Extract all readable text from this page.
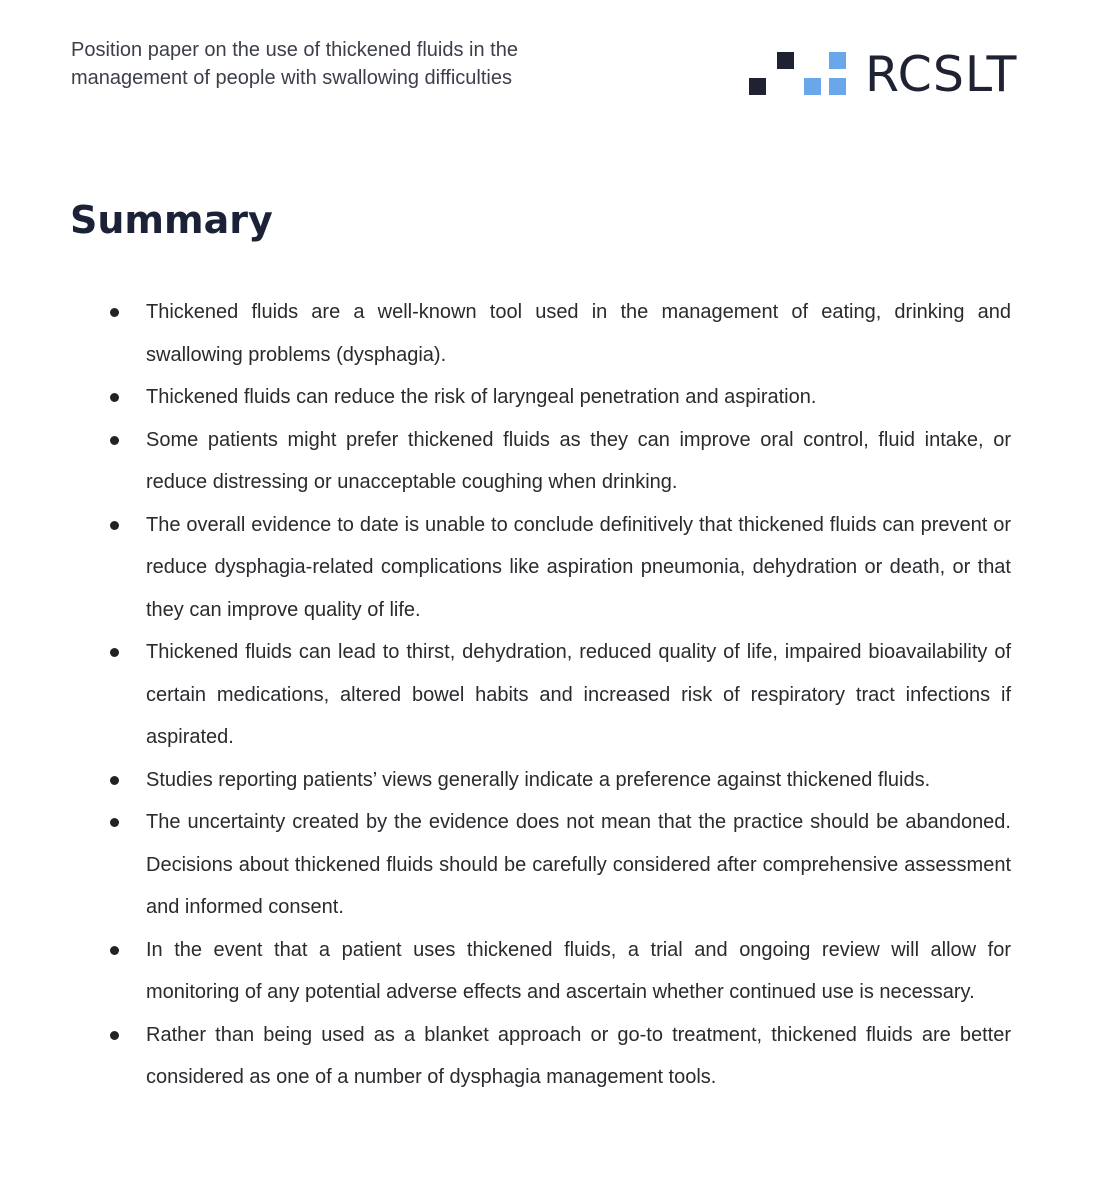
Position paper on the use of thickened fluids in the
management of people with swallowing difficulties	RCSLT
Summary
Thickened fluids are a well-known tool used in the management of eating, drinking and swallowing problems (dysphagia).
Thickened fluids can reduce the risk of laryngeal penetration and aspiration.
Some patients might prefer thickened fluids as they can improve oral control, fluid intake, or reduce distressing or unacceptable coughing when drinking.
The overall evidence to date is unable to conclude definitively that thickened fluids can prevent or reduce dysphagia-related complications like aspiration pneumonia, dehydration or death, or that they can improve quality of life.
Thickened fluids can lead to thirst, dehydration, reduced quality of life, impaired bioavailability of certain medications, altered bowel habits and increased risk of respiratory tract infections if aspirated.
Studies reporting patients’ views generally indicate a preference against thickened fluids.
The uncertainty created by the evidence does not mean that the practice should be abandoned. Decisions about thickened fluids should be carefully considered after comprehensive assessment and informed consent.
In the event that a patient uses thickened fluids, a trial and ongoing review will allow for monitoring of any potential adverse effects and ascertain whether continued use is necessary.
Rather than being used as a blanket approach or go-to treatment, thickened fluids are better considered as one of a number of dysphagia management tools.
